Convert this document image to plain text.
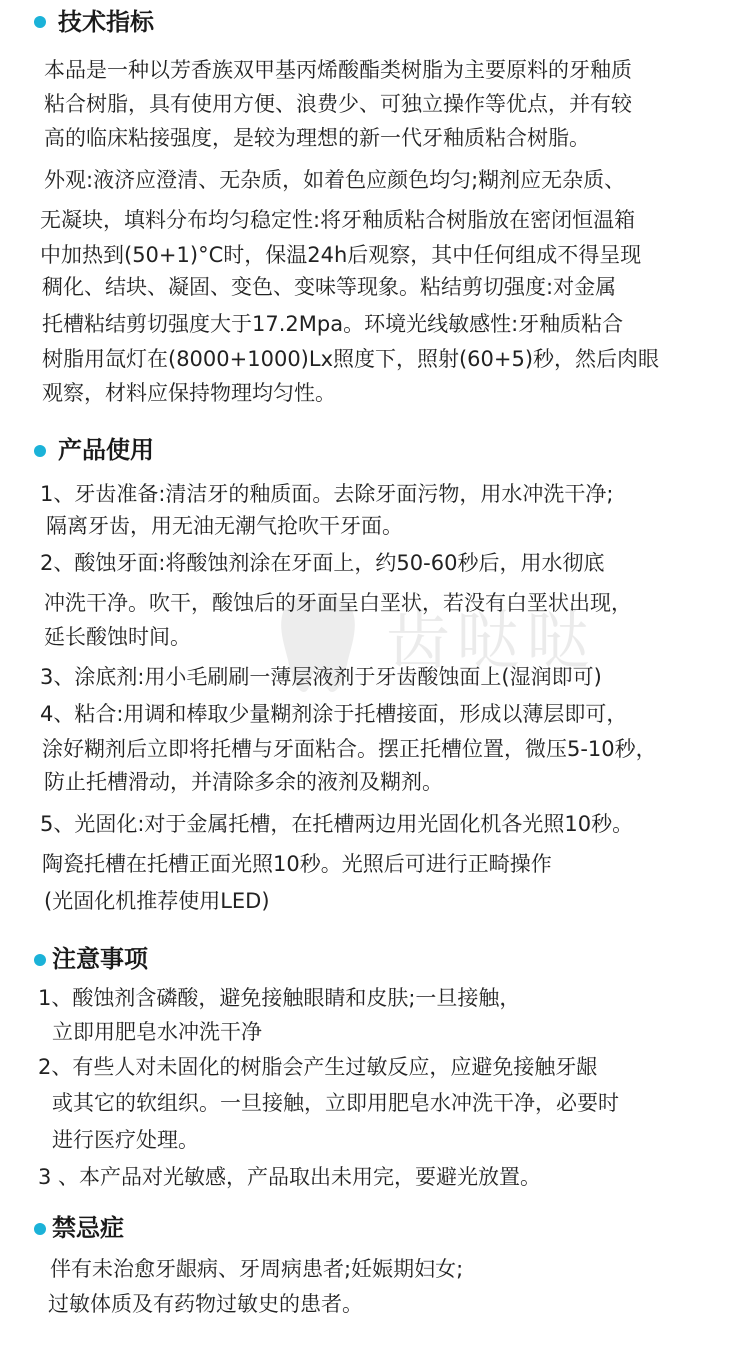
齿哒哒
技术指标

本品是一种以芳香族双甲基丙烯酸酯类树脂为主要原料的牙釉质

粘合树脂，具有使用方便、浪费少、可独立操作等优点，并有较

高的临床粘接强度，是较为理想的新一代牙釉质粘合树脂。

外观:液济应澄清、无杂质，如着色应颜色均匀;糊剂应无杂质、

无凝块，填料分布均匀稳定性:将牙釉质粘合树脂放在密闭恒温箱

中加热到(50+1)°C时，保温24h后观察，其中任何组成不得呈现

稠化、结块、凝固、变色、变味等现象。粘结剪切强度:对金属

托槽粘结剪切强度大于17.2Mpa。环境光线敏感性:牙釉质粘合

树脂用氙灯在(8000+1000)Lx照度下，照射(60+5)秒，然后肉眼

观察，材料应保持物理均匀性。

产品使用

1、牙齿准备:清洁牙的釉质面。去除牙面污物，用水冲洗干净;

隔离牙齿，用无油无潮气抢吹干牙面。

2、酸蚀牙面:将酸蚀剂涂在牙面上，约50-60秒后，用水彻底

冲洗干净。吹干，酸蚀后的牙面呈白垩状，若没有白垩状出现，

延长酸蚀时间。

3、涂底剂:用小毛刷刷一薄层液剂于牙齿酸蚀面上(湿润即可)

4、粘合:用调和棒取少量糊剂涂于托槽接面，形成以薄层即可，

涂好糊剂后立即将托槽与牙面粘合。摆正托槽位置，微压5-10秒，

防止托槽滑动，并清除多余的液剂及糊剂。

5、光固化:对于金属托槽，在托槽两边用光固化机各光照10秒。

陶瓷托槽在托槽正面光照10秒。光照后可进行正畸操作

(光固化机推荐使用LED)

注意事项

1、酸蚀剂含磷酸，避免接触眼睛和皮肤;一旦接触，

立即用肥皂水冲洗干净

2、有些人对未固化的树脂会产生过敏反应，应避免接触牙龈

或其它的软组织。一旦接触，立即用肥皂水冲洗干净，必要时

进行医疗处理。

3 、本产品对光敏感，产品取出未用完，要避光放置。

禁忌症

伴有未治愈牙龈病、牙周病患者;妊娠期妇女;

过敏体质及有药物过敏史的患者。
